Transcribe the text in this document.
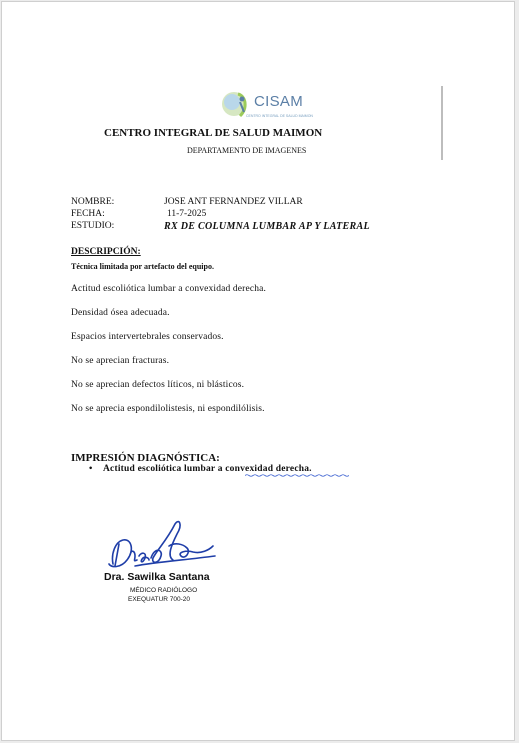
CISAM
CENTRO INTEGRAL DE SALUD MAIMON
CENTRO INTEGRAL DE SALUD MAIMON
DEPARTAMENTO DE IMAGENES
NOMBRE:	JOSE ANT FERNANDEZ VILLAR
FECHA:	11-7-2025
ESTUDIO:	RX DE COLUMNA LUMBAR AP Y LATERAL
DESCRIPCIÓN:
Técnica limitada por artefacto del equipo.
Actitud escoliótica lumbar a convexidad derecha.
Densidad ósea adecuada.
Espacios intervertebrales conservados.
No se aprecian fracturas.
No se aprecian defectos líticos, ni blásticos.
No se aprecia espondilolistesis, ni espondilólisis.
IMPRESIÓN DIAGNÓSTICA:
• Actitud escoliótica lumbar a convexidad derecha.
Dra. Sawilka Santana
MÉDICO RADIÓLOGO
EXEQUATUR 700-20
